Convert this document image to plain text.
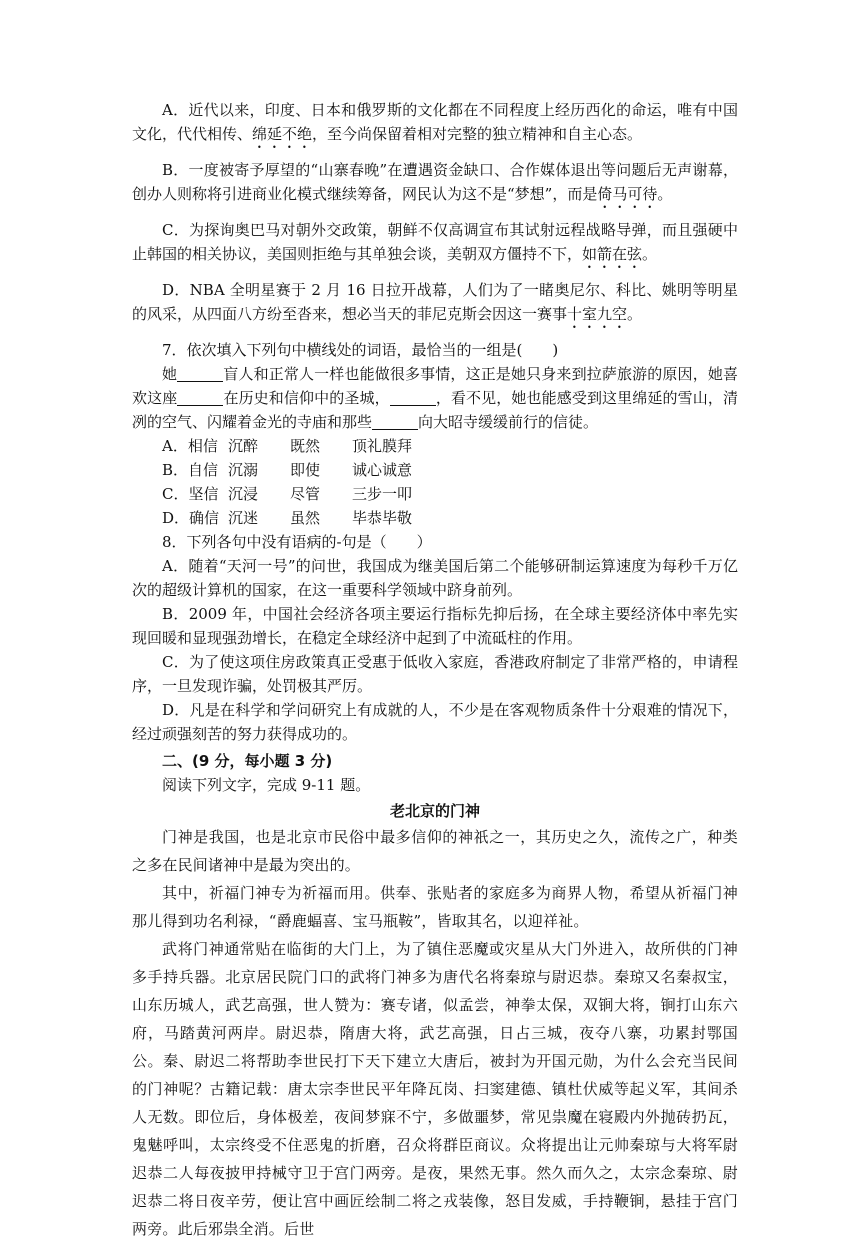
A．近代以来，印度、日本和俄罗斯的文化都在不同程度上经历西化的命运，唯有中国文化，代代相传、绵延不绝，至今尚保留着相对完整的独立精神和自主心态。

B．一度被寄予厚望的“山寨春晚”在遭遇资金缺口、合作媒体退出等问题后无声谢幕，创办人则称将引进商业化模式继续筹备，网民认为这不是“梦想”，而是倚马可待。

C．为探询奥巴马对朝外交政策，朝鲜不仅高调宣布其试射远程战略导弹，而且强硬中止韩国的相关协议，美国则拒绝与其单独会谈，美朝双方僵持不下，如箭在弦。

D．NBA 全明星赛于 2 月 16 日拉开战幕，人们为了一睹奥尼尔、科比、姚明等明星的风采，从四面八方纷至沓来，想必当天的菲尼克斯会因这一赛事十室九空。

7．依次填入下列句中横线处的词语，最恰当的一组是(　　)

她	盲人和正常人一样也能做很多事情，这正是她只身来到拉萨旅游的原因，她喜欢这座	在历史和信仰中的圣城，	，看不见，她也能感受到这里绵延的雪山，清冽的空气、闪耀着金光的寺庙和那些	向大昭寺缓缓前行的信徒。

A．相信 沉醉	既然	顶礼膜拜
B．自信 沉溺	即使	诚心诚意
C．坚信 沉浸	尽管	三步一叩
D．确信 沉迷	虽然	毕恭毕敬

8．下列各句中没有语病的-句是（　　）

A．随着“天河一号”的问世，我国成为继美国后第二个能够研制运算速度为每秒千万亿次的超级计算机的国家，在这一重要科学领域中跻身前列。

B．2009 年，中国社会经济各项主要运行指标先抑后扬，在全球主要经济体中率先实现回暖和显现强劲增长，在稳定全球经济中起到了中流砥柱的作用。

C．为了使这项住房政策真正受惠于低收入家庭，香港政府制定了非常严格的，申请程序，一旦发现诈骗，处罚极其严厉。

D．凡是在科学和学问研究上有成就的人，不少是在客观物质条件十分艰难的情况下，经过顽强刻苦的努力获得成功的。

二、(9 分，每小题 3 分)

阅读下列文字，完成 9-11 题。

老北京的门神

门神是我国，也是北京市民俗中最多信仰的神祇之一，其历史之久，流传之广，种类之多在民间诸神中是最为突出的。

其中，祈福门神专为祈福而用。供奉、张贴者的家庭多为商界人物，希望从祈福门神那儿得到功名利禄，“爵鹿蝠喜、宝马瓶鞍”，皆取其名，以迎祥祉。

武将门神通常贴在临街的大门上，为了镇住恶魔或灾星从大门外进入，故所供的门神多手持兵器。北京居民院门口的武将门神多为唐代名将秦琼与尉迟恭。秦琼又名秦叔宝，山东历城人，武艺高强，世人赞为：赛专诸，似孟尝，神拳太保，双锏大将，锏打山东六府，马踏黄河两岸。尉迟恭，隋唐大将，武艺高强，日占三城，夜夺八寨，功累封鄂国公。秦、尉迟二将帮助李世民打下天下建立大唐后，被封为开国元勋，为什么会充当民间的门神呢？古籍记载：唐太宗李世民平年降瓦岗、扫窦建德、镇杜伏威等起义军，其间杀人无数。即位后，身体极差，夜间梦寐不宁，多做噩梦，常见祟魔在寝殿内外抛砖扔瓦，鬼魅呼叫，太宗终受不住恶鬼的折磨，召众将群臣商议。众将提出让元帅秦琼与大将军尉迟恭二人每夜披甲持械守卫于宫门两旁。是夜，果然无事。然久而久之，太宗念秦琼、尉迟恭二将日夜辛劳，便让宫中画匠绘制二将之戎装像，怒目发威，手持鞭锏，悬挂于宫门两旁。此后邪祟全消。后世
